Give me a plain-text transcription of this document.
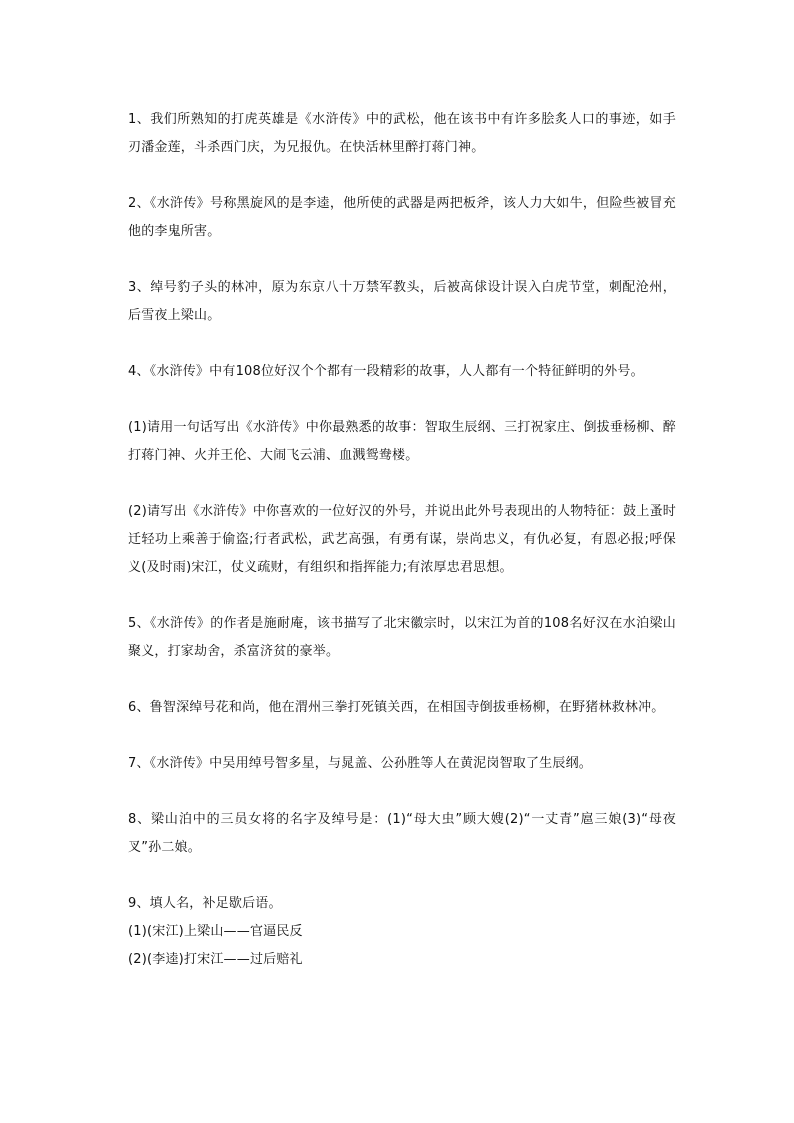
1、我们所熟知的打虎英雄是《水浒传》中的武松，他在该书中有许多脍炙人口的事迹，如手刃潘金莲，斗杀西门庆，为兄报仇。在快活林里醉打蒋门神。

2、《水浒传》号称黑旋风的是李逵，他所使的武器是两把板斧，该人力大如牛，但险些被冒充他的李鬼所害。

3、绰号豹子头的林冲，原为东京八十万禁军教头，后被高俅设计误入白虎节堂，刺配沧州，后雪夜上梁山。

4、《水浒传》中有108位好汉个个都有一段精彩的故事，人人都有一个特征鲜明的外号。

(1)请用一句话写出《水浒传》中你最熟悉的故事：智取生辰纲、三打祝家庄、倒拔垂杨柳、醉打蒋门神、火并王伦、大闹飞云浦、血溅鸳鸯楼。

(2)请写出《水浒传》中你喜欢的一位好汉的外号，并说出此外号表现出的人物特征：鼓上蚤时迁轻功上乘善于偷盗;行者武松，武艺高强，有勇有谋，崇尚忠义，有仇必复，有恩必报;呼保义(及时雨)宋江，仗义疏财，有组织和指挥能力;有浓厚忠君思想。

5、《水浒传》的作者是施耐庵，该书描写了北宋徽宗时，以宋江为首的108名好汉在水泊梁山聚义，打家劫舍，杀富济贫的豪举。

6、鲁智深绰号花和尚，他在渭州三拳打死镇关西，在相国寺倒拔垂杨柳，在野猪林救林冲。

7、《水浒传》中吴用绰号智多星，与晁盖、公孙胜等人在黄泥岗智取了生辰纲。

8、梁山泊中的三员女将的名字及绰号是：(1)“母大虫”顾大嫂(2)“一丈青”扈三娘(3)“母夜叉”孙二娘。

9、填人名，补足歇后语。

(1)(宋江)上梁山——官逼民反

(2)(李逵)打宋江——过后赔礼
